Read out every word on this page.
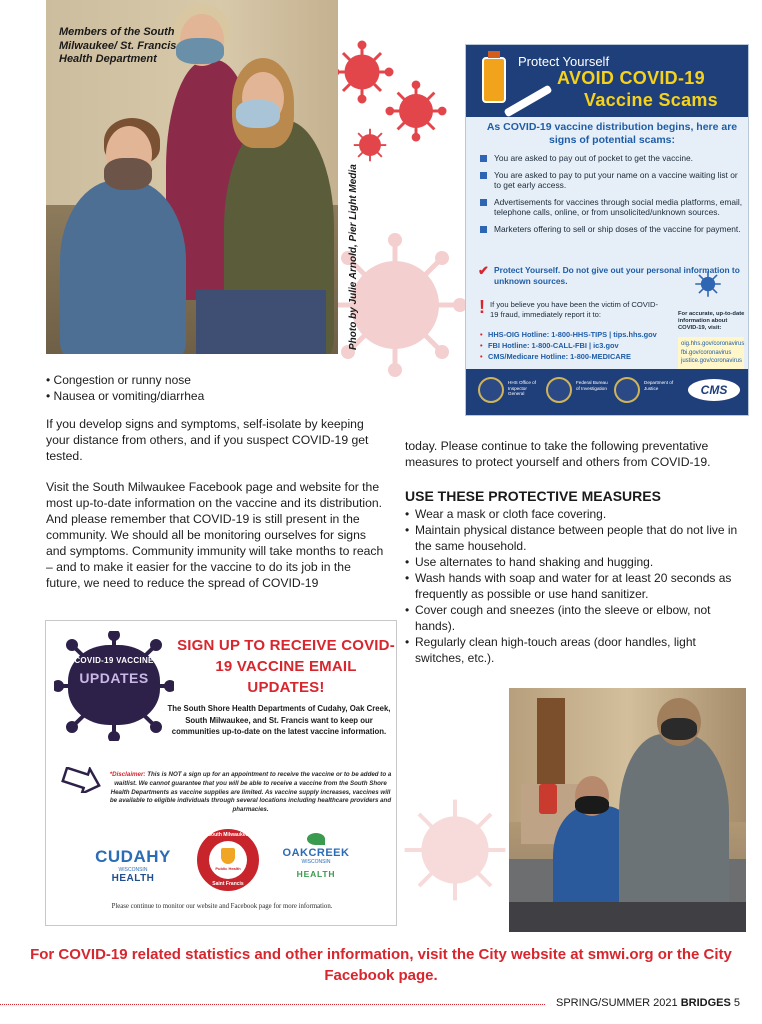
Members of the South Milwaukee/ St. Francis Health Department
Photo by Julie Arnold, Pier Light Media
Protect Yourself
AVOID COVID-19
Vaccine Scams
As COVID-19 vaccine distribution begins, here are signs of potential scams:
You are asked to pay out of pocket to get the vaccine.
You are asked to pay to put your name on a vaccine waiting list or to get early access.
Advertisements for vaccines through social media platforms, email, telephone calls, online, or from unsolicited/unknown sources.
Marketers offering to sell or ship doses of the vaccine for payment.
✔ Protect Yourself. Do not give out your personal information to unknown sources.
! If you believe you have been the victim of COVID-19 fraud, immediately report it to:
• HHS-OIG Hotline: 1-800-HHS-TIPS | tips.hhs.gov
• FBI Hotline: 1-800-CALL-FBI | ic3.gov
• CMS/Medicare Hotline: 1-800-MEDICARE
For accurate, up-to-date information about COVID-19, visit:
oig.hhs.gov/coronavirus
fbi.gov/coronavirus
justice.gov/coronavirus
HHS Office of Inspector General
Federal Bureau of Investigation
Department of Justice	CMS
• Congestion or runny nose
• Nausea or vomiting/diarrhea

If you develop signs and symptoms, self-isolate by keeping your distance from others, and if you suspect COVID-19 get tested.

Visit the South Milwaukee Facebook page and website for the most up-to-date information on the vaccine and its distribution. And please remember that COVID-19 is still present in the community. We should all be monitoring ourselves for signs and symptoms. Community immunity will take months to reach – and to make it easier for the vaccine to do its job in the future, we need to reduce the spread of COVID-19

today. Please continue to take the following preventative measures to protect yourself and others from COVID-19.

USE THESE PROTECTIVE MEASURES
• Wear a mask or cloth face covering.
• Maintain physical distance between people that do not live in the same household.
• Use alternates to hand shaking and hugging.
• Wash hands with soap and water for at least 20 seconds as frequently as possible or use hand sanitizer.
• Cover cough and sneezes (into the sleeve or elbow, not hands).
• Regularly clean high-touch areas (door handles, light switches, etc.).
COVID-19 VACCINE
UPDATES
SIGN UP TO RECEIVE COVID-19 VACCINE EMAIL UPDATES!
The South Shore Health Departments of Cudahy, Oak Creek, South Milwaukee, and St. Francis want to keep our communities up-to-date on the latest vaccine information.
*Disclaimer: This is NOT a sign up for an appointment to receive the vaccine or to be added to a waitlist. We cannot guarantee that you will be able to receive a vaccine from the South Shore Health Departments as vaccine supplies are limited. As vaccine supply increases, vaccines will be available to eligible individuals through several locations including healthcare providers and pharmacies.
CUDAHY
WISCONSIN
HEALTH
South Milwaukee
Public Health
Saint Francis
OAKCREEK
WISCONSIN
HEALTH
Please continue to monitor our website and Facebook page for more information.
For COVID-19 related statistics and other information, visit the City website at smwi.org or the City Facebook page.
SPRING/SUMMER 2021 BRIDGES 5
